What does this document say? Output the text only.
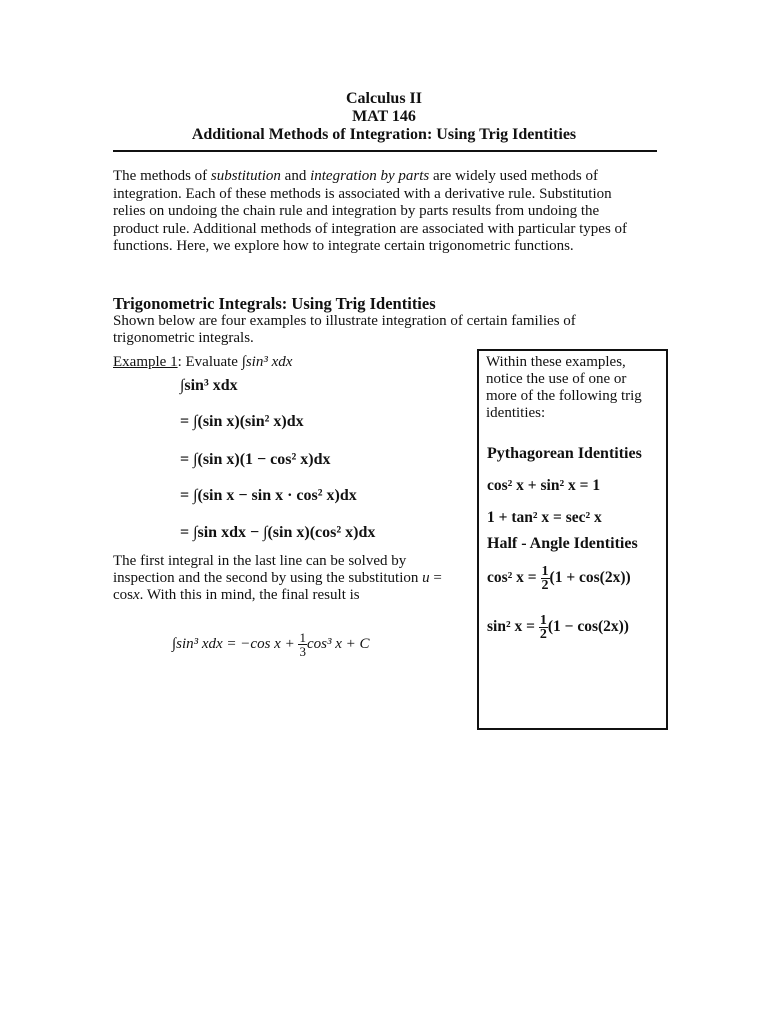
Calculus II
MAT 146
Additional Methods of Integration: Using Trig Identities
The methods of substitution and integration by parts are widely used methods of integration. Each of these methods is associated with a derivative rule. Substitution relies on undoing the chain rule and integration by parts results from undoing the product rule. Additional methods of integration are associated with particular types of functions. Here, we explore how to integrate certain trigonometric functions.
Trigonometric Integrals: Using Trig Identities
Shown below are four examples to illustrate integration of certain families of trigonometric integrals.
Example 1: Evaluate ∫sin³ xdx
∫sin³ xdx
= ∫(sin x)(sin² x)dx
= ∫(sin x)(1 − cos² x)dx
= ∫(sin x − sin x · cos² x)dx
= ∫sin xdx − ∫(sin x)(cos² x)dx
The first integral in the last line can be solved by inspection and the second by using the substitution u = cosx. With this in mind, the final result is
∫sin³ xdx = −cos $x + \frac{1}{3} \cos^3$ x + C
Within these examples, notice the use of one or more of the following trig identities:
Pythagorean Identities
cos² x + sin² x = 1
1 + tan² x = sec² x
Half - Angle Identities
cos² $x = \frac{1}{2} (1 + \cos(2x))$
sin² $x = \frac{1}{2} (1 - \cos(2x))$
